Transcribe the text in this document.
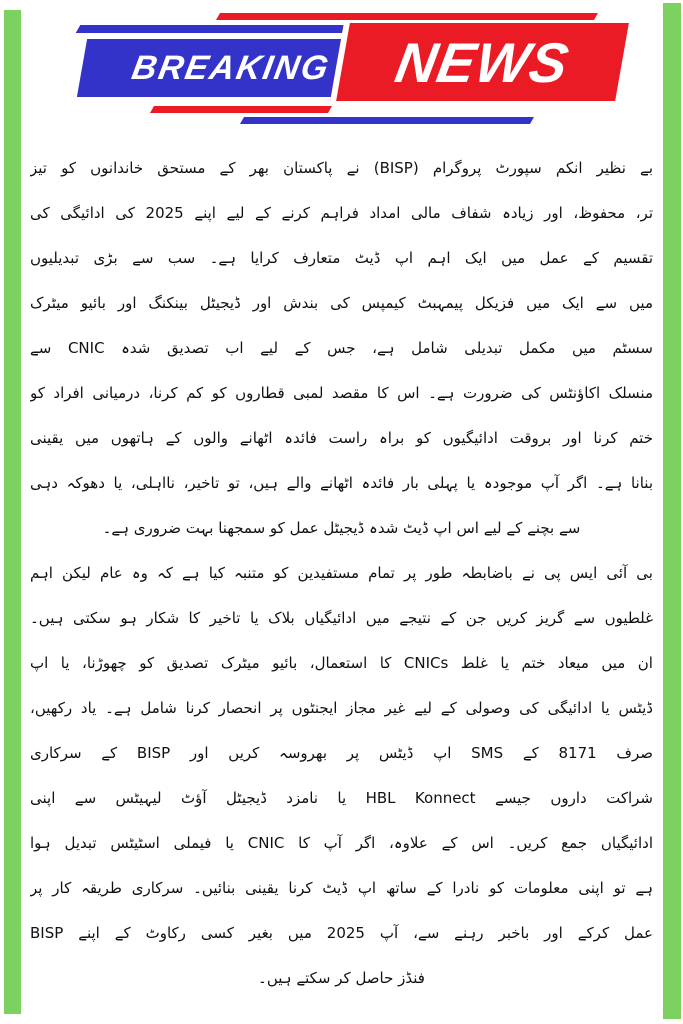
BREAKING NEWS
بے نظیر انکم سپورٹ پروگرام (BISP) نے پاکستان بھر کے مستحق خاندانوں کو تیز
تر، محفوظ، اور زیادہ شفاف مالی امداد فراہم کرنے کے لیے اپنے 2025 کی ادائیگی کی
تقسیم کے عمل میں ایک اہم اپ ڈیٹ متعارف کرایا ہے۔ سب سے بڑی تبدیلیوں
میں سے ایک میں فزیکل پیمہبٹ کیمپس کی بندش اور ڈیجیٹل بینکنگ اور بائیو میٹرک
سسٹم میں مکمل تبدیلی شامل ہے، جس کے لیے اب تصدیق شدہ CNIC سے
منسلک اکاؤنٹس کی ضرورت ہے۔ اس کا مقصد لمبی قطاروں کو کم کرنا، درمیانی افراد کو
ختم کرنا اور بروقت ادائیگیوں کو براہ راست فائدہ اٹھانے والوں کے ہاتھوں میں یقینی
بنانا ہے۔ اگر آپ موجودہ یا پہلی بار فائدہ اٹھانے والے ہیں، تو تاخیر، نااہلی، یا دھوکہ دہی
سے بچنے کے لیے اس اپ ڈیٹ شدہ ڈیجیٹل عمل کو سمجھنا بہت ضروری ہے۔
بی آئی ایس پی نے باضابطہ طور پر تمام مستفیدین کو متنبہ کیا ہے کہ وہ عام لیکن اہم
غلطیوں سے گریز کریں جن کے نتیجے میں ادائیگیاں بلاک یا تاخیر کا شکار ہو سکتی ہیں۔
ان میں میعاد ختم یا غلط CNICs کا استعمال، بائیو میٹرک تصدیق کو چھوڑنا، یا اپ
ڈیٹس یا ادائیگی کی وصولی کے لیے غیر مجاز ایجنٹوں پر انحصار کرنا شامل ہے۔ یاد رکھیں،
صرف 8171 کے SMS اپ ڈیٹس پر بھروسہ کریں اور BISP کے سرکاری
شراکت داروں جیسے HBL Konnect یا نامزد ڈیجیٹل آؤٹ لیہیٹس سے اپنی
ادائیگیاں جمع کریں۔ اس کے علاوہ، اگر آپ کا CNIC یا فیملی اسٹیٹس تبدیل ہوا
ہے تو اپنی معلومات کو نادرا کے ساتھ اپ ڈیٹ کرنا یقینی بنائیں۔ سرکاری طریقہ کار پر
عمل کرکے اور باخبر رہنے سے، آپ 2025 میں بغیر کسی رکاوٹ کے اپنے BISP
فنڈز حاصل کر سکتے ہیں۔
